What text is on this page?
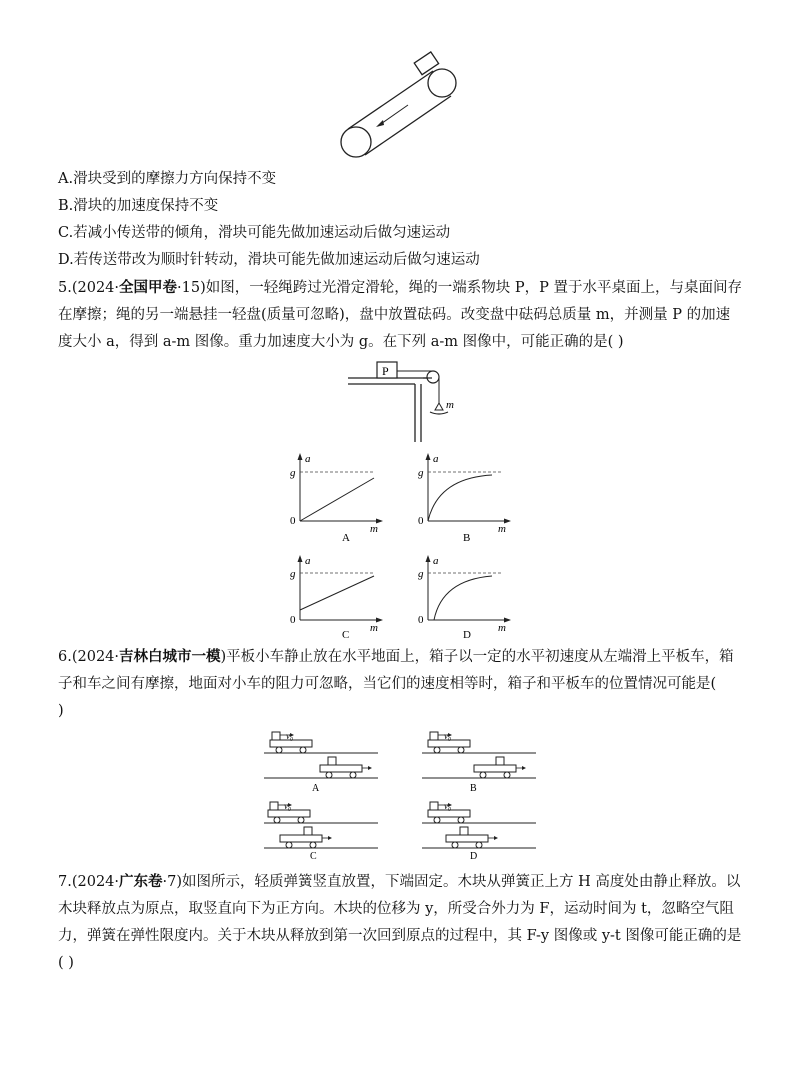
A.滑块受到的摩擦力方向保持不变
B.滑块的加速度保持不变
C.若减小传送带的倾角，滑块可能先做加速运动后做匀速运动
D.若传送带改为顺时针转动，滑块可能先做加速运动后做匀速运动
5.(2024·全国甲卷·15)如图，一轻绳跨过光滑定滑轮，绳的一端系物块 P，P 置于水平桌面上，与桌面间存
在摩擦；绳的另一端悬挂一轻盘(质量可忽略)，盘中放置砝码。改变盘中砝码总质量 m，并测量 P 的加速
度大小 a，得到 a-m 图像。重力加速度大小为 g。在下列 a-m 图像中，可能正确的是( )
P
m
a
g
0
m
A
a
g
0
m
B
a
g
0
m
C
a
g
0
m
D
6.(2024·吉林白城市一模)平板小车静止放在水平地面上，箱子以一定的水平初速度从左端滑上平板车，箱
子和车之间有摩擦，地面对小车的阻力可忽略，当它们的速度相等时，箱子和平板车的位置情况可能是(
)
v₀
A
v₀
B
v₀
C
v₀
D
7.(2024·广东卷·7)如图所示，轻质弹簧竖直放置，下端固定。木块从弹簧正上方 H 高度处由静止释放。以
木块释放点为原点，取竖直向下为正方向。木块的位移为 y，所受合外力为 F，运动时间为 t，忽略空气阻
力，弹簧在弹性限度内。关于木块从释放到第一次回到原点的过程中，其 F-y 图像或 y-t 图像可能正确的是
( )
